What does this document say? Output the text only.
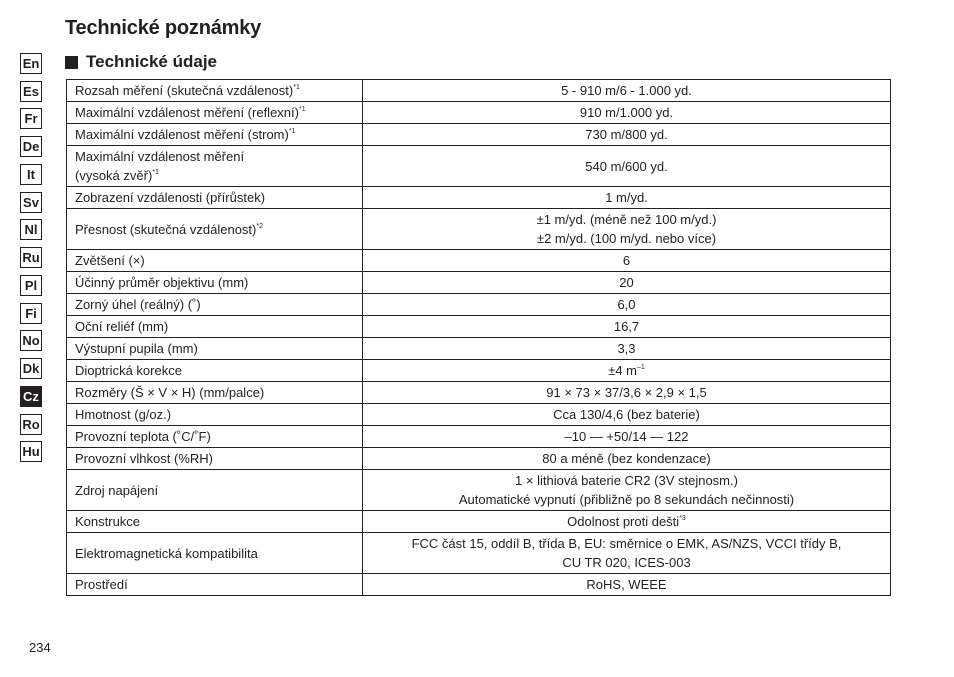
Technické poznámky
Technické údaje
En
Es
Fr
De
It
Sv
Nl
Ru
Pl
Fi
No
Dk
Cz
Ro
Hu
Rozsah měření (skutečná vzdálenost)$^{*1}$	5 - 910 m/6 - 1.000 yd.
Maximální vzdálenost měření (reflexní)$^{*1}$	910 m/1.000 yd.
Maximální vzdálenost měření (strom)$^{*1}$	730 m/800 yd.
Maximální vzdálenost měření
(vysoká zvěř)$^{*1}$	540 m/600 yd.
Zobrazení vzdálenosti (přírůstek)	1 m/yd.
Přesnost (skutečná vzdálenost)$^{*2}$	±1 m/yd. (méně než 100 m/yd.)
±2 m/yd. (100 m/yd. nebo více)
Zvětšení (×)	6
Účinný průměr objektivu (mm)	20
Zorný úhel (reálný) (˚)	6,0
Oční reliéf (mm)	16,7
Výstupní pupila (mm)	3,3
Dioptrická korekce	±4 $m^{-1}$
Rozměry (Š × V × H) (mm/palce)	91 × 73 × 37/3,6 × 2,9 × 1,5
Hmotnost (g/oz.)	Cca 130/4,6 (bez baterie)
Provozní teplota (˚C/˚F)	–10 — +50/14 — 122
Provozní vlhkost (%RH)	80 a méně (bez kondenzace)
Zdroj napájení	1 × lithiová baterie CR2 (3V stejnosm.)
Automatické vypnutí (přibližně po 8 sekundách nečinnosti)
Konstrukce	Odolnost proti dešti$^{*3}$
Elektromagnetická kompatibilita	FCC část 15, oddíl B, třída B, EU: směrnice o EMK, AS/NZS, VCCI třídy B,
CU TR 020, ICES-003
Prostředí	RoHS, WEEE
234
